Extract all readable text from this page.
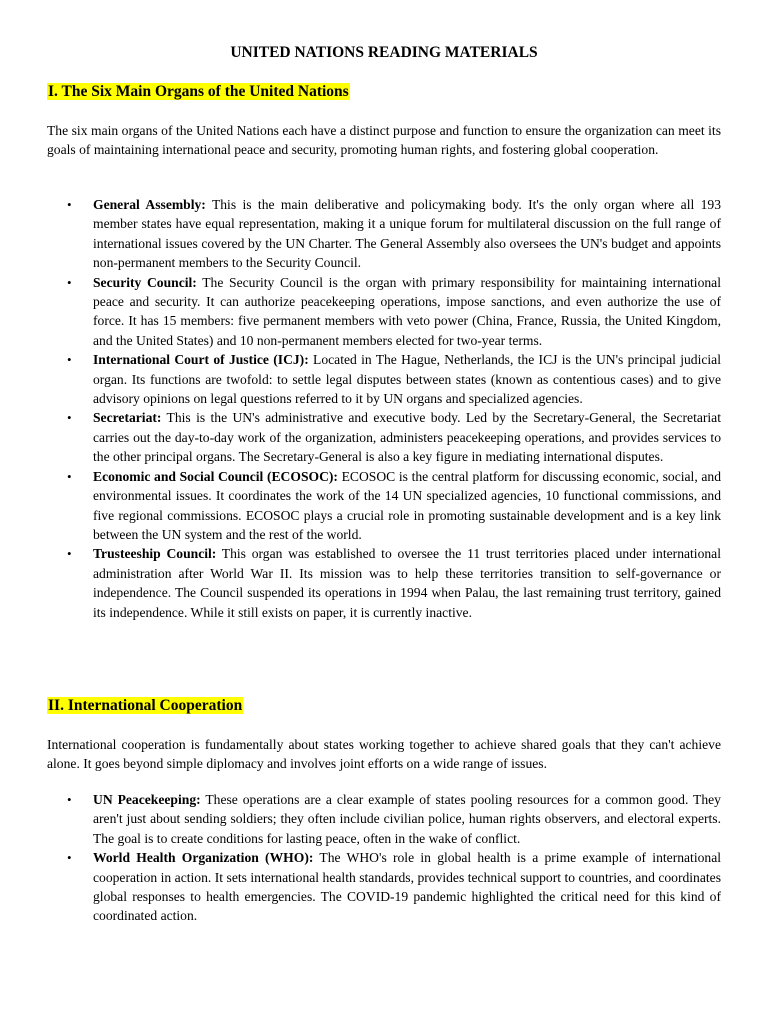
UNITED NATIONS READING MATERIALS
I. The Six Main Organs of the United Nations

The six main organs of the United Nations each have a distinct purpose and function to ensure the organization can meet its goals of maintaining international peace and security, promoting human rights, and fostering global cooperation.

• General Assembly: This is the main deliberative and policymaking body. It's the only organ where all 193 member states have equal representation, making it a unique forum for multilateral discussion on the full range of international issues covered by the UN Charter. The General Assembly also oversees the UN's budget and appoints non-permanent members to the Security Council.
• Security Council: The Security Council is the organ with primary responsibility for maintaining international peace and security. It can authorize peacekeeping operations, impose sanctions, and even authorize the use of force. It has 15 members: five permanent members with veto power (China, France, Russia, the United Kingdom, and the United States) and 10 non-permanent members elected for two-year terms.
• International Court of Justice (ICJ): Located in The Hague, Netherlands, the ICJ is the UN's principal judicial organ. Its functions are twofold: to settle legal disputes between states (known as contentious cases) and to give advisory opinions on legal questions referred to it by UN organs and specialized agencies.
• Secretariat: This is the UN's administrative and executive body. Led by the Secretary-General, the Secretariat carries out the day-to-day work of the organization, administers peacekeeping operations, and provides services to the other principal organs. The Secretary-General is also a key figure in mediating international disputes.
• Economic and Social Council (ECOSOC): ECOSOC is the central platform for discussing economic, social, and environmental issues. It coordinates the work of the 14 UN specialized agencies, 10 functional commissions, and five regional commissions. ECOSOC plays a crucial role in promoting sustainable development and is a key link between the UN system and the rest of the world.
• Trusteeship Council: This organ was established to oversee the 11 trust territories placed under international administration after World War II. Its mission was to help these territories transition to self-governance or independence. The Council suspended its operations in 1994 when Palau, the last remaining trust territory, gained its independence. While it still exists on paper, it is currently inactive.
II. International Cooperation

International cooperation is fundamentally about states working together to achieve shared goals that they can't achieve alone. It goes beyond simple diplomacy and involves joint efforts on a wide range of issues.

• UN Peacekeeping: These operations are a clear example of states pooling resources for a common good. They aren't just about sending soldiers; they often include civilian police, human rights observers, and electoral experts. The goal is to create conditions for lasting peace, often in the wake of conflict.
• World Health Organization (WHO): The WHO's role in global health is a prime example of international cooperation in action. It sets international health standards, provides technical support to countries, and coordinates global responses to health emergencies. The COVID-19 pandemic highlighted the critical need for this kind of coordinated action.
